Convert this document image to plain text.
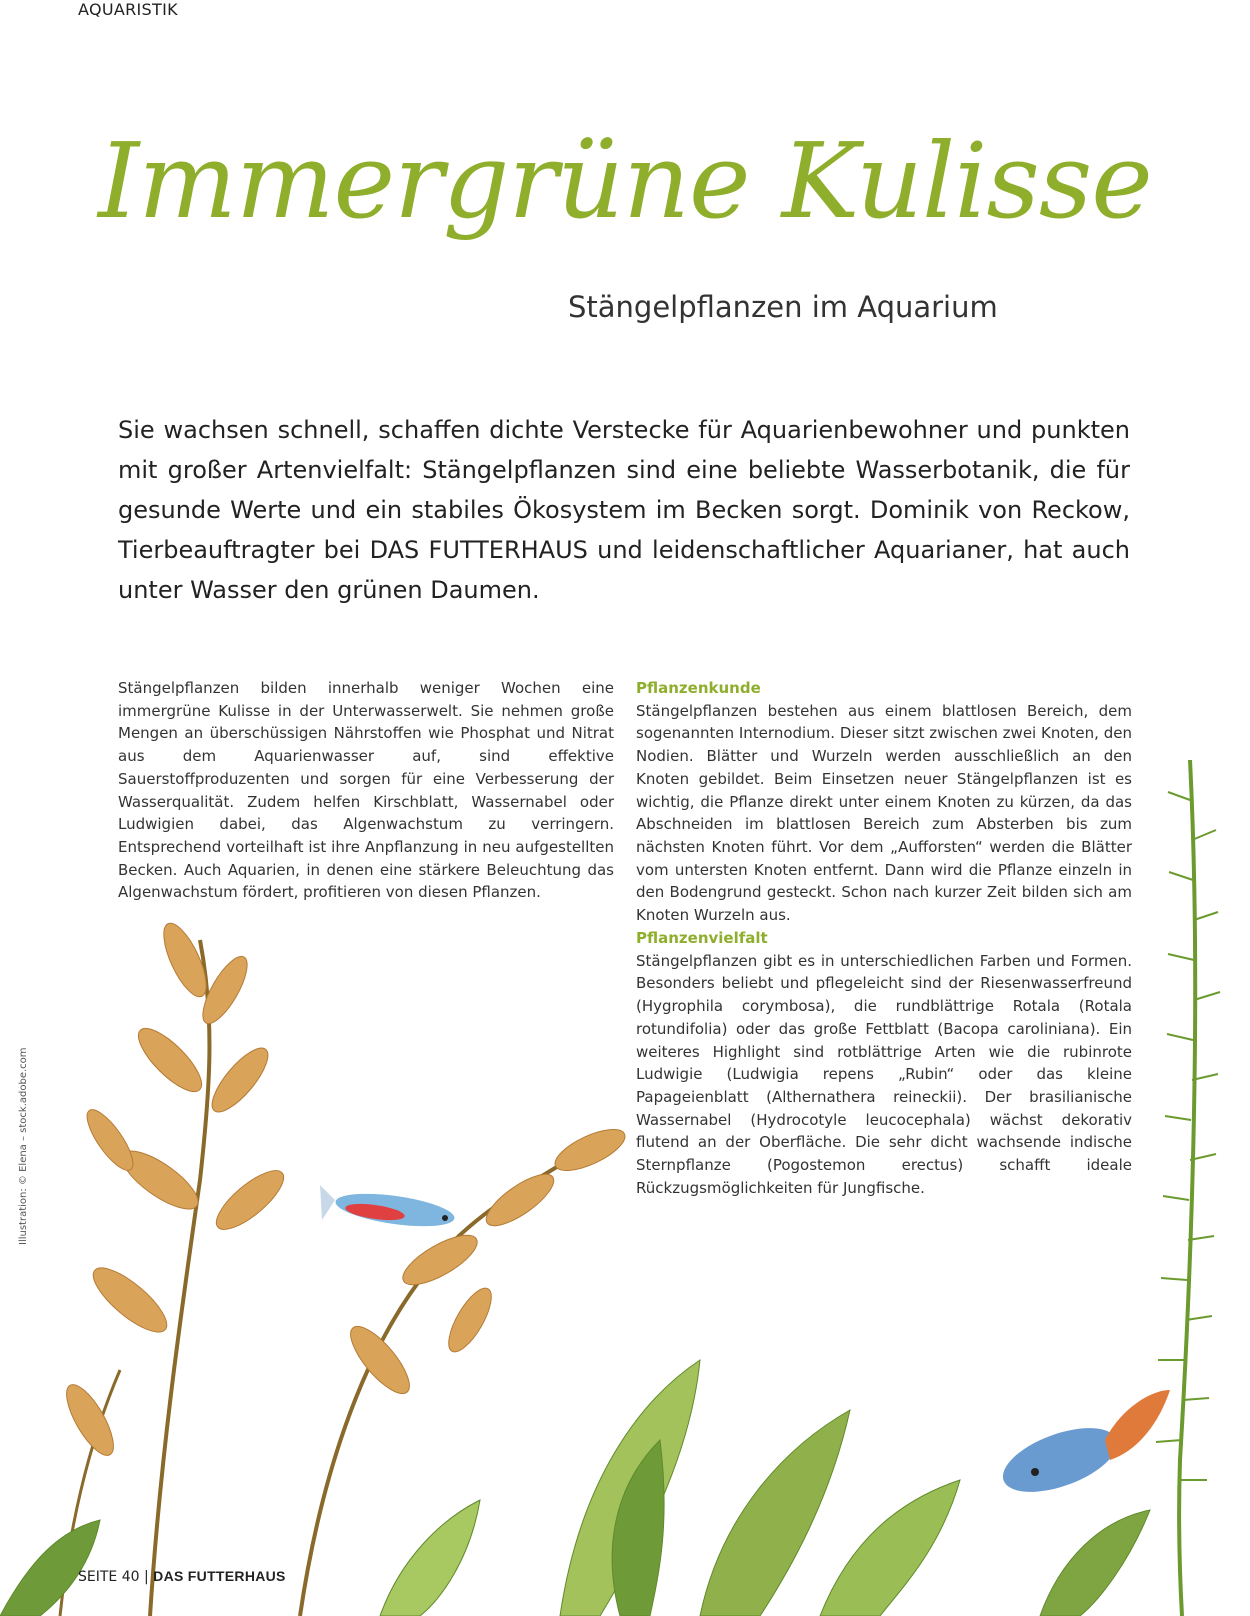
AQUARISTIK
Immergrüne Kulisse
Stängelpflanzen im Aquarium

Sie wachsen schnell, schaffen dichte Verstecke für Aquarienbewohner und punkten mit großer Artenvielfalt: Stängelpflanzen sind eine beliebte Wasserbotanik, die für gesunde Werte und ein stabiles Ökosystem im Becken sorgt. Dominik von Reckow, Tierbeauftragter bei DAS FUTTERHAUS und leidenschaftlicher Aquarianer, hat auch unter Wasser den grünen Daumen.

Stängelpflanzen bilden innerhalb weniger Wochen eine immergrüne Kulisse in der Unterwasserwelt. Sie nehmen große Mengen an überschüssigen Nährstoffen wie Phosphat und Nitrat aus dem Aquarienwasser auf, sind effektive Sauerstoffproduzenten und sorgen für eine Verbesserung der Wasserqualität. Zudem helfen Kirschblatt, Wassernabel oder Ludwigien dabei, das Algenwachstum zu verringern. Entsprechend vorteilhaft ist ihre Anpflanzung in neu aufgestellten Becken. Auch Aquarien, in denen eine stärkere Beleuchtung das Algenwachstum fördert, profitieren von diesen Pflanzen.

Pflanzenkunde

Stängelpflanzen bestehen aus einem blattlosen Bereich, dem sogenannten Internodium. Dieser sitzt zwischen zwei Knoten, den Nodien. Blätter und Wurzeln werden ausschließlich an den Knoten gebildet. Beim Einsetzen neuer Stängelpflanzen ist es wichtig, die Pflanze direkt unter einem Knoten zu kürzen, da das Abschneiden im blattlosen Bereich zum Absterben bis zum nächsten Knoten führt. Vor dem „Aufforsten“ werden die Blätter vom untersten Knoten entfernt. Dann wird die Pflanze einzeln in den Bodengrund gesteckt. Schon nach kurzer Zeit bilden sich am Knoten Wurzeln aus.

Pflanzenvielfalt

Stängelpflanzen gibt es in unterschiedlichen Farben und Formen. Besonders beliebt und pflegeleicht sind der Riesenwasserfreund (Hygrophila corymbosa), die rundblättrige Rotala (Rotala rotundifolia) oder das große Fettblatt (Bacopa caroliniana). Ein weiteres Highlight sind rotblättrige Arten wie die rubinrote Ludwigie (Ludwigia repens „Rubin“ oder das kleine Papageienblatt (Althernathera reineckii). Der brasilianische Wassernabel (Hydrocotyle leucocephala) wächst dekorativ flutend an der Oberfläche. Die sehr dicht wachsende indische Sternpflanze (Pogostemon erectus) schafft ideale Rückzugsmöglichkeiten für Jungfische.

Illustration: © Elena – stock.adobe.com
SEITE 40 | DAS FUTTERHAUS
